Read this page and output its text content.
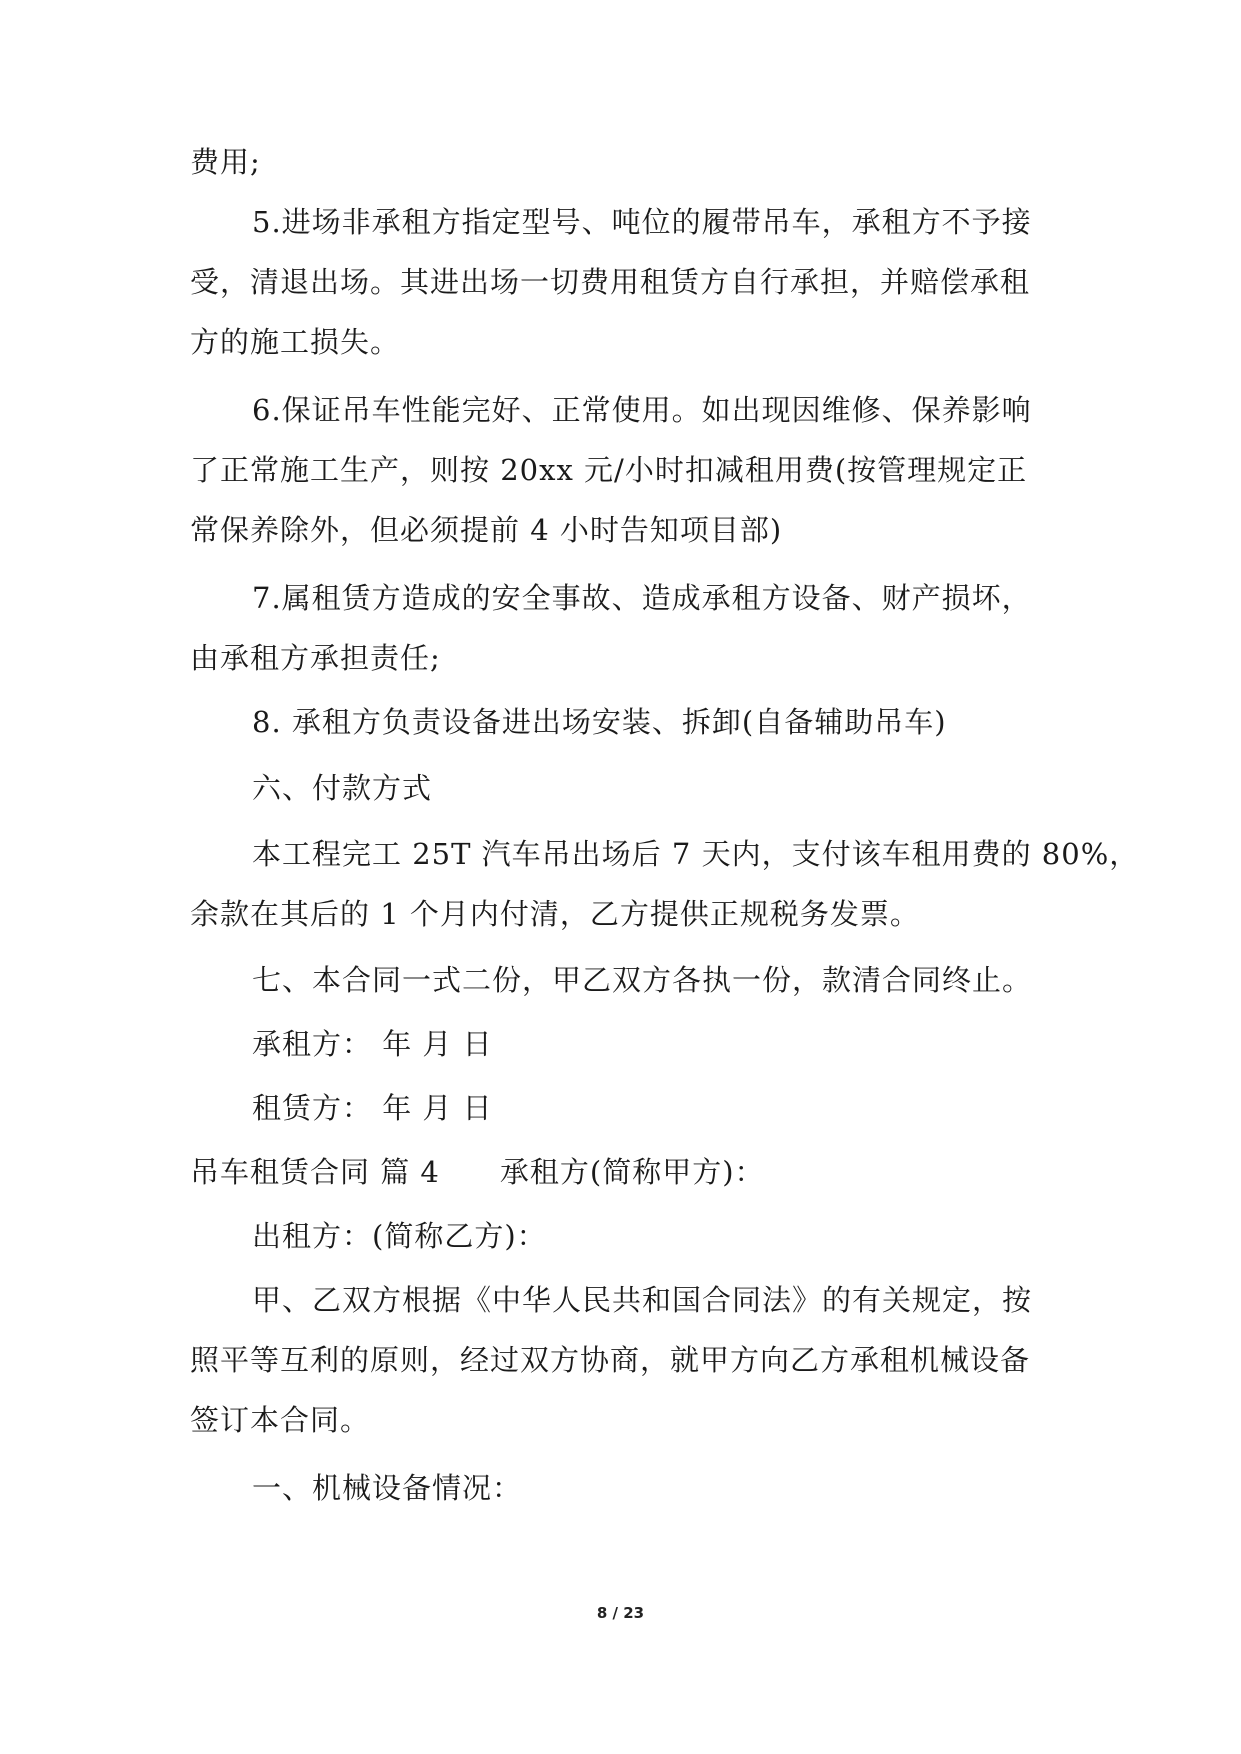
费用;
5.进场非承租方指定型号、吨位的履带吊车，承租方不予接
受，清退出场。其进出场一切费用租赁方自行承担，并赔偿承租
方的施工损失。
6.保证吊车性能完好、正常使用。如出现因维修、保养影响
了正常施工生产，则按 20xx 元/小时扣减租用费(按管理规定正
常保养除外，但必须提前 4 小时告知项目部)
7.属租赁方造成的安全事故、造成承租方设备、财产损坏，
由承租方承担责任;
8. 承租方负责设备进出场安装、拆卸(自备辅助吊车)
六、付款方式
本工程完工 25T 汽车吊出场后 7 天内，支付该车租用费的 80%，
余款在其后的 1 个月内付清，乙方提供正规税务发票。
七、本合同一式二份，甲乙双方各执一份，款清合同终止。
承租方： 年 月 日
租赁方： 年 月 日
吊车租赁合同 篇 4 承租方(简称甲方)：
出租方：(简称乙方)：
甲、乙双方根据《中华人民共和国合同法》的有关规定，按
照平等互利的原则，经过双方协商，就甲方向乙方承租机械设备
签订本合同。
一、机械设备情况：
8 / 23
